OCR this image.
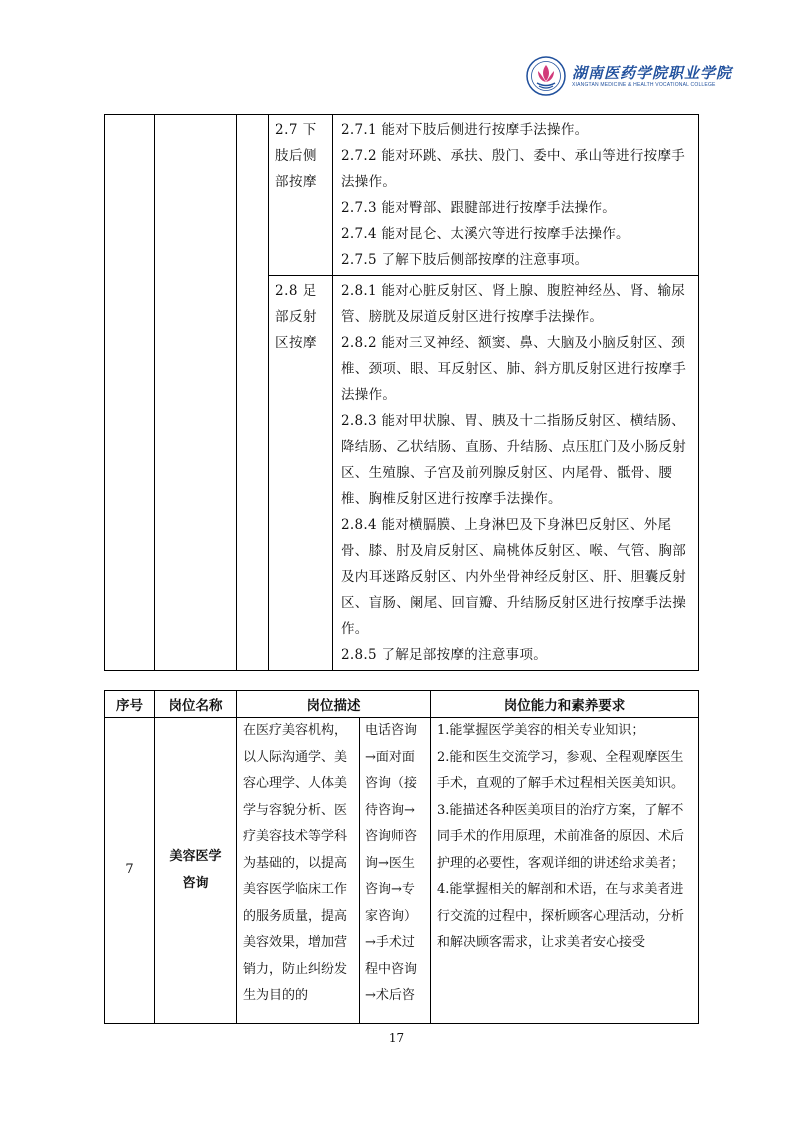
湖南医药学院职业学院
XIANGTAN MEDICINE & HEALTH VOCATIONAL COLLEGE
			2.7 下肢后侧部按摩	2.7.1 能对下肢后侧进行按摩手法操作。

2.7.2 能对环跳、承扶、殷门、委中、承山等进行按摩手法操作。

2.7.3 能对臀部、跟腱部进行按摩手法操作。

2.7.4 能对昆仑、太溪穴等进行按摩手法操作。

2.7.5 了解下肢后侧部按摩的注意事项。

			2.8 足部反射区按摩	2.8.1 能对心脏反射区、肾上腺、腹腔神经丛、肾、输尿管、膀胱及尿道反射区进行按摩手法操作。

2.8.2 能对三叉神经、额窦、鼻、大脑及小脑反射区、颈椎、颈项、眼、耳反射区、肺、斜方肌反射区进行按摩手法操作。

2.8.3 能对甲状腺、胃、胰及十二指肠反射区、横结肠、降结肠、乙状结肠、直肠、升结肠、点压肛门及小肠反射区、生殖腺、子宫及前列腺反射区、内尾骨、骶骨、腰椎、胸椎反射区进行按摩手法操作。

2.8.4 能对横膈膜、上身淋巴及下身淋巴反射区、外尾骨、膝、肘及肩反射区、扁桃体反射区、喉、气管、胸部及内耳迷路反射区、内外坐骨神经反射区、肝、胆囊反射区、盲肠、阑尾、回盲瓣、升结肠反射区进行按摩手法操作。

2.8.5 了解足部按摩的注意事项。

序号	岗位名称	岗位描述		岗位能力和素养要求
7	美容医学咨询	在医疗美容机构，以人际沟通学、美容心理学、人体美学与容貌分析、医疗美容技术等学科为基础的，以提高美容医学临床工作的服务质量，提高美容效果，增加营销力，防止纠纷发生为目的的	电话咨询→面对面咨询（接待咨询→咨询师咨询→医生咨询→专家咨询）→手术过程中咨询→术后咨	1.能掌握医学美容的相关专业知识；

2.能和医生交流学习，参观、全程观摩医生手术，直观的了解手术过程相关医美知识。

3.能描述各种医美项目的治疗方案，了解不同手术的作用原理，术前准备的原因、术后护理的必要性，客观详细的讲述给求美者；

4.能掌握相关的解剖和术语，在与求美者进行交流的过程中，探析顾客心理活动，分析和解决顾客需求，让求美者安心接受

17
